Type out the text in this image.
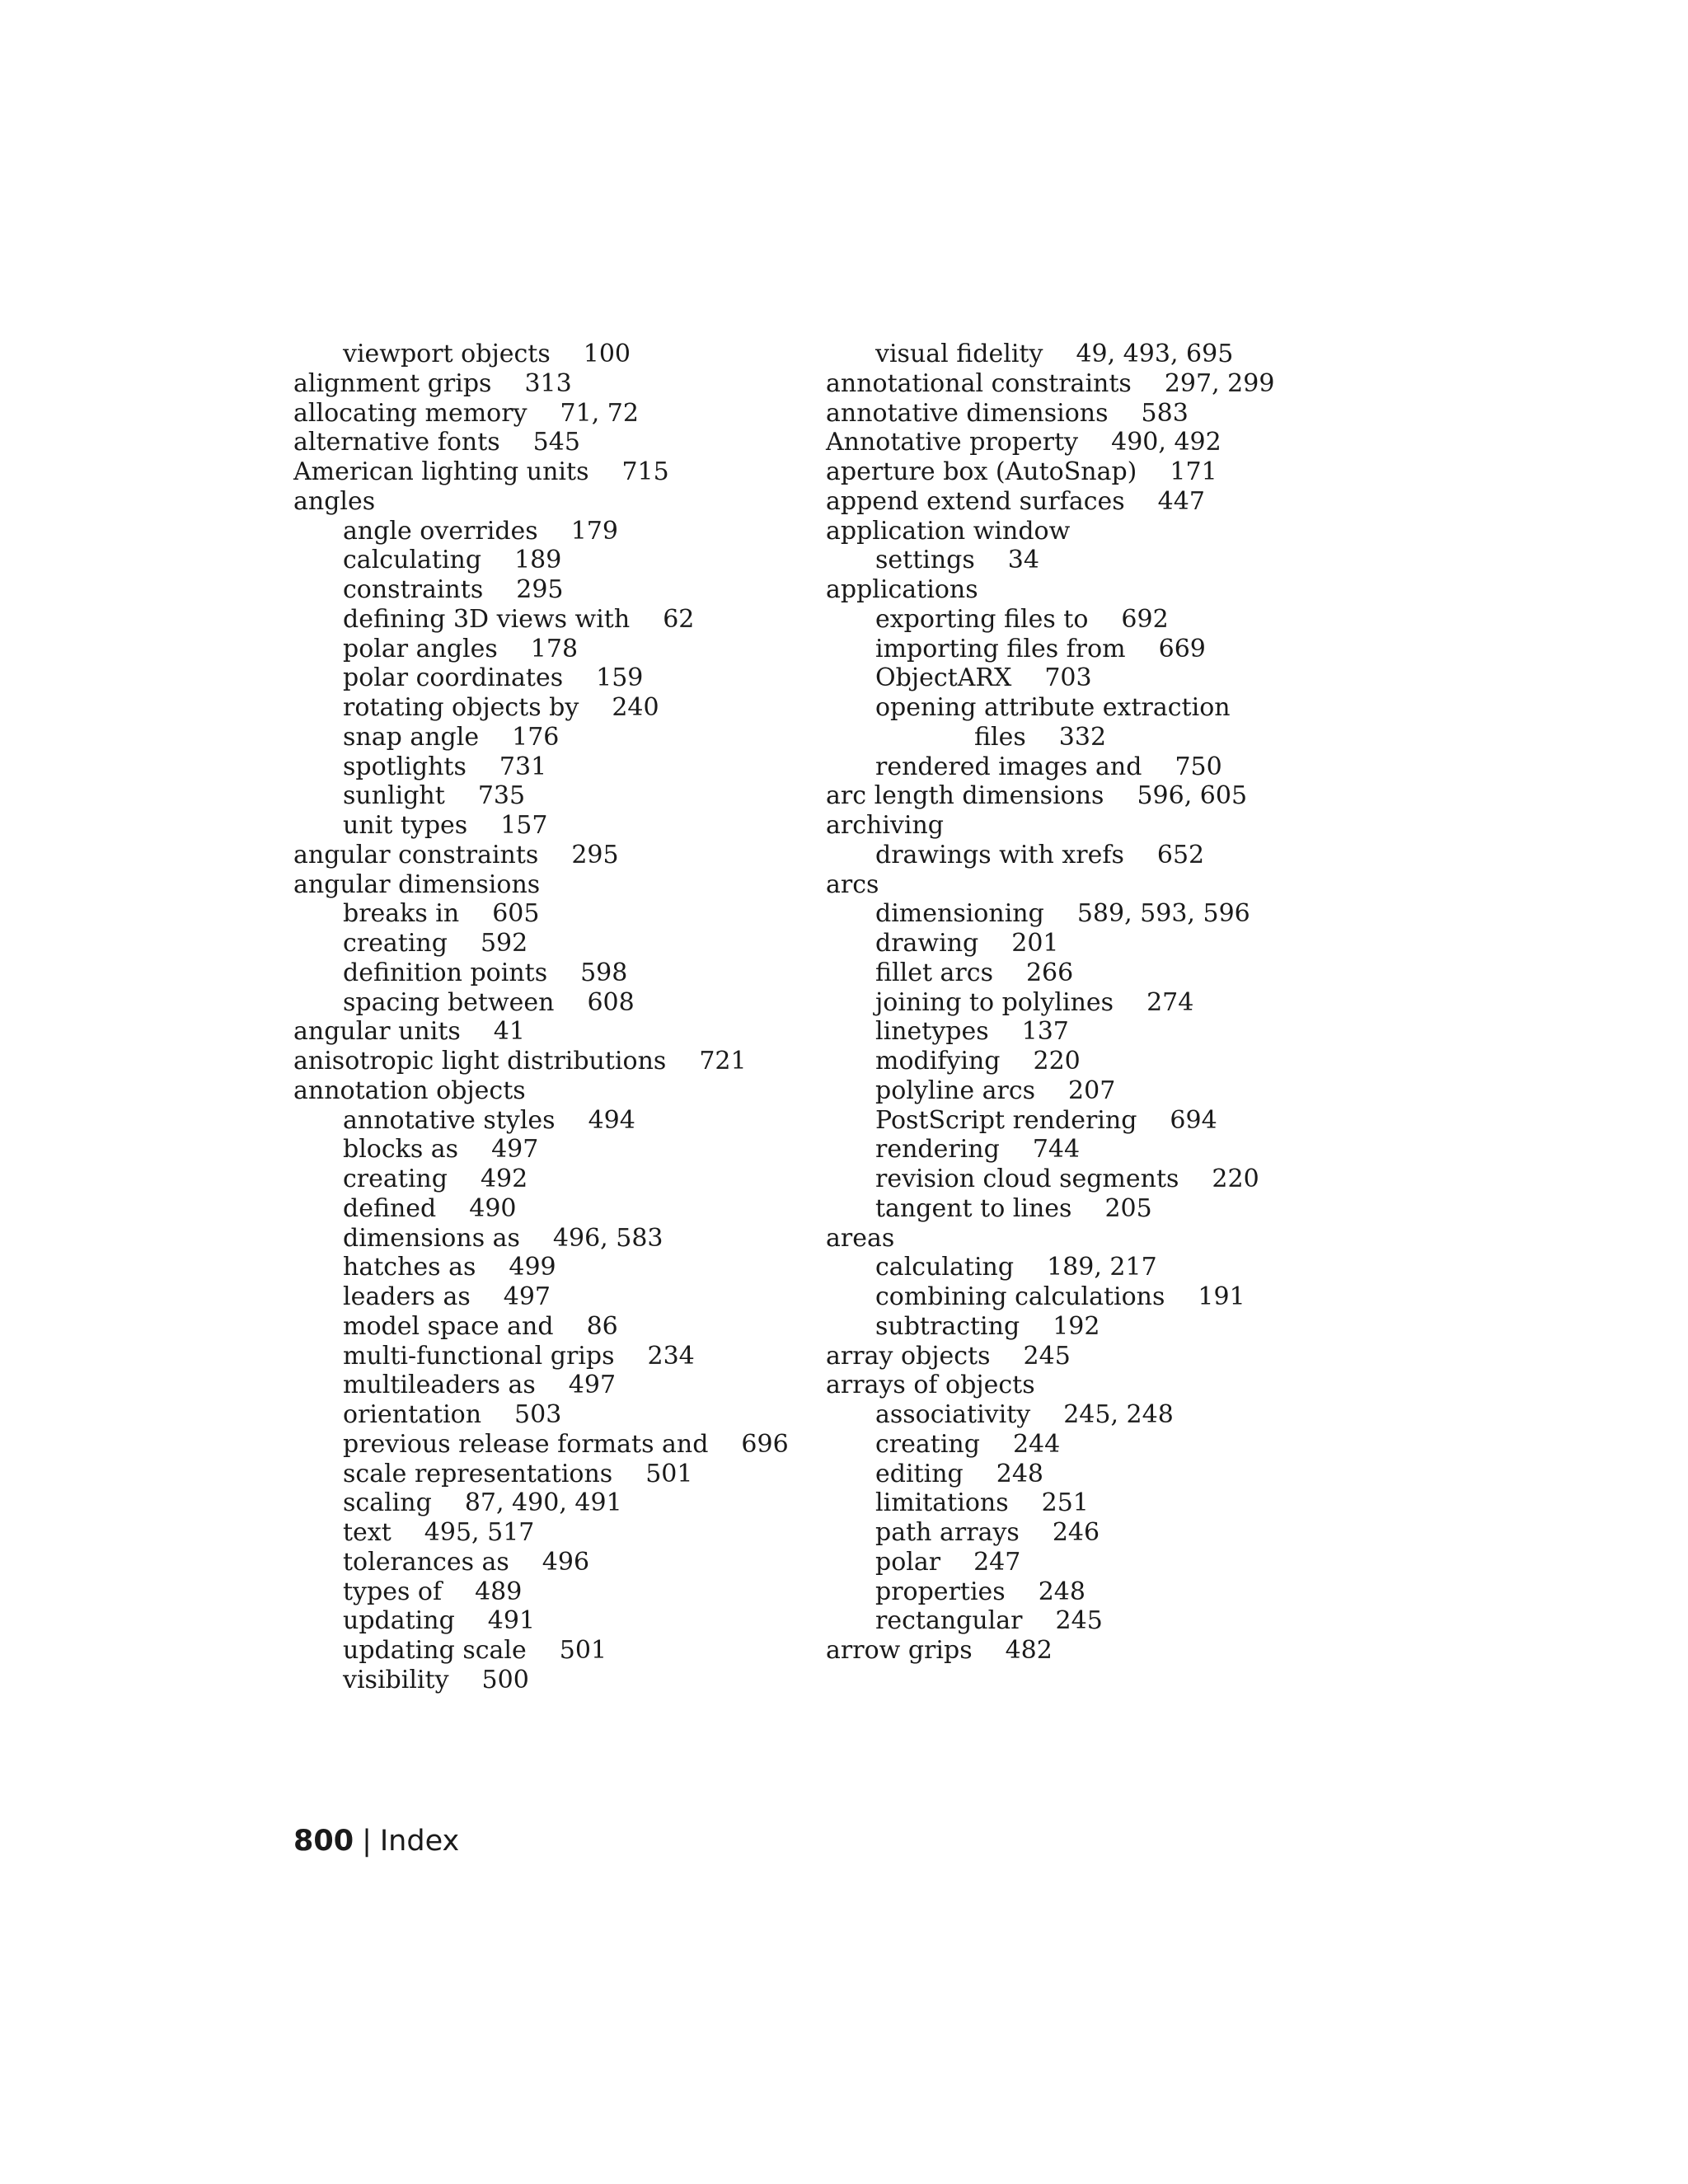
viewport objects 100
alignment grips 313
allocating memory 71, 72
alternative fonts 545
American lighting units 715
angles
angle overrides 179
calculating 189
constraints 295
defining 3D views with 62
polar angles 178
polar coordinates 159
rotating objects by 240
snap angle 176
spotlights 731
sunlight 735
unit types 157
angular constraints 295
angular dimensions
breaks in 605
creating 592
definition points 598
spacing between 608
angular units 41
anisotropic light distributions 721
annotation objects
annotative styles 494
blocks as 497
creating 492
defined 490
dimensions as 496, 583
hatches as 499
leaders as 497
model space and 86
multi-functional grips 234
multileaders as 497
orientation 503
previous release formats and 696
scale representations 501
scaling 87, 490, 491
text 495, 517
tolerances as 496
types of 489
updating 491
updating scale 501
visibility 500
visual fidelity 49, 493, 695
annotational constraints 297, 299
annotative dimensions 583
Annotative property 490, 492
aperture box (AutoSnap) 171
append extend surfaces 447
application window
settings 34
applications
exporting files to 692
importing files from 669
ObjectARX 703
opening attribute extraction
files 332
rendered images and 750
arc length dimensions 596, 605
archiving
drawings with xrefs 652
arcs
dimensioning 589, 593, 596
drawing 201
fillet arcs 266
joining to polylines 274
linetypes 137
modifying 220
polyline arcs 207
PostScript rendering 694
rendering 744
revision cloud segments 220
tangent to lines 205
areas
calculating 189, 217
combining calculations 191
subtracting 192
array objects 245
arrays of objects
associativity 245, 248
creating 244
editing 248
limitations 251
path arrays 246
polar 247
properties 248
rectangular 245
arrow grips 482
800 | Index
